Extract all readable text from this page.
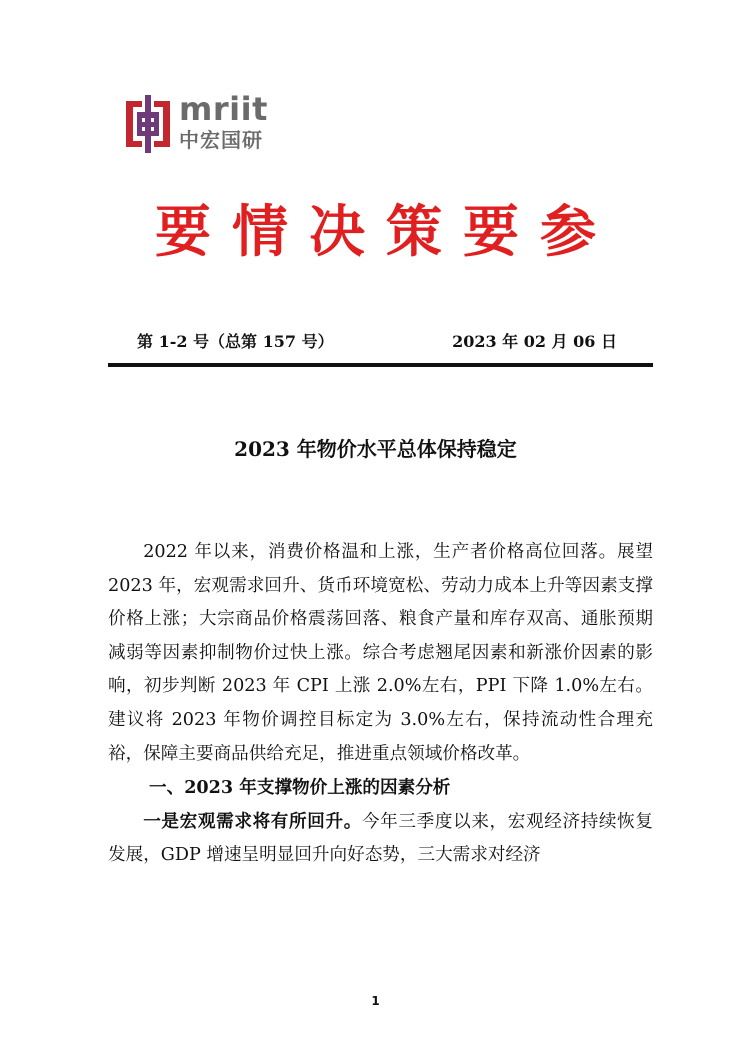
mriit
中宏国研
要情决策要参
第 1-2 号（总第 157 号）	2023 年 02 月 06 日
2023 年物价水平总体保持稳定

2022 年以来，消费价格温和上涨，生产者价格高位回落。展望 2023 年，宏观需求回升、货币环境宽松、劳动力成本上升等因素支撑价格上涨；大宗商品价格震荡回落、粮食产量和库存双高、通胀预期减弱等因素抑制物价过快上涨。综合考虑翘尾因素和新涨价因素的影响，初步判断 2023 年 CPI 上涨 2.0%左右，PPI 下降 1.0%左右。建议将 2023 年物价调控目标定为 3.0%左右，保持流动性合理充裕，保障主要商品供给充足，推进重点领域价格改革。

一、2023 年支撑物价上涨的因素分析

一是宏观需求将有所回升。今年三季度以来，宏观经济持续恢复发展，GDP 增速呈明显回升向好态势，三大需求对经济

1
